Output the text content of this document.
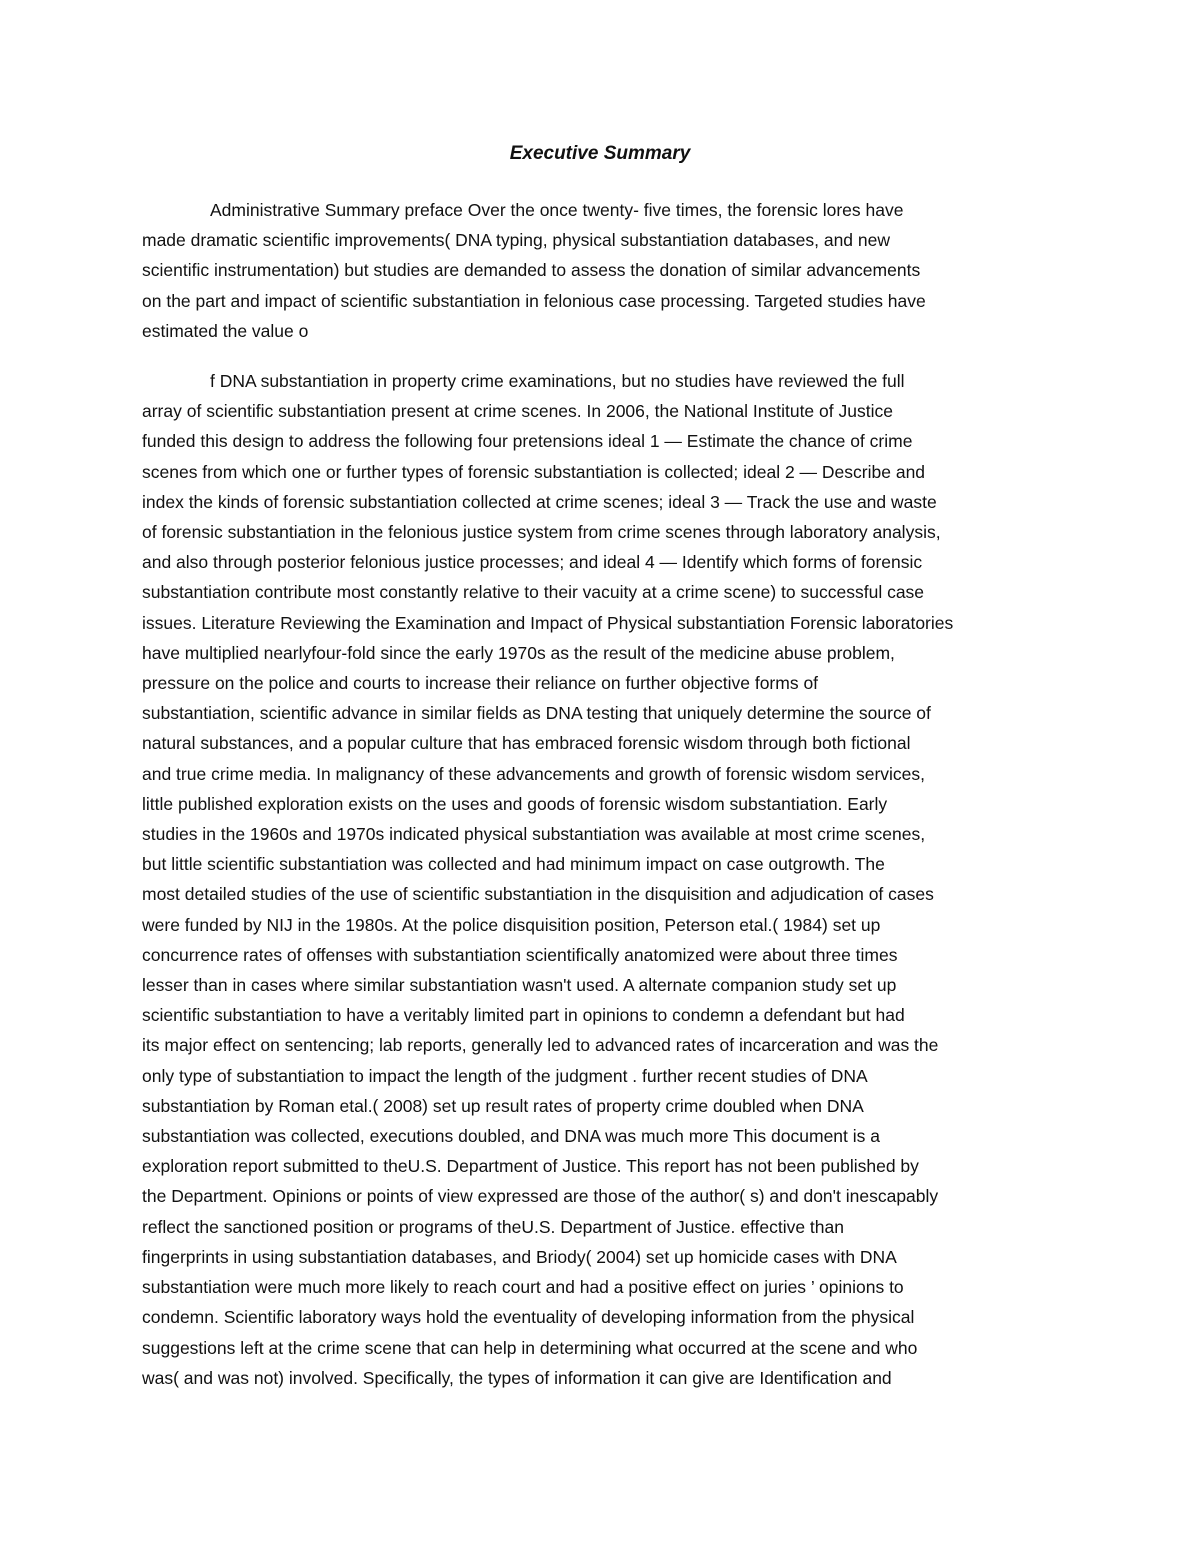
Executive Summary
Administrative Summary preface Over the once twenty- five times, the forensic lores have
made dramatic scientific improvements( DNA typing, physical substantiation databases, and new
scientific instrumentation) but studies are demanded to assess the donation of similar advancements
on the part and impact of scientific substantiation in felonious case processing. Targeted studies have
estimated the value o
f DNA substantiation in property crime examinations, but no studies have reviewed the full
array of scientific substantiation present at crime scenes. In 2006, the National Institute of Justice
funded this design to address the following four pretensions ideal 1 — Estimate the chance of crime
scenes from which one or further types of forensic substantiation is collected; ideal 2 — Describe and
index the kinds of forensic substantiation collected at crime scenes; ideal 3 — Track the use and waste
of forensic substantiation in the felonious justice system from crime scenes through laboratory analysis,
and also through posterior felonious justice processes; and ideal 4 — Identify which forms of forensic
substantiation contribute most constantly relative to their vacuity at a crime scene) to successful case
issues. Literature Reviewing the Examination and Impact of Physical substantiation Forensic laboratories
have multiplied nearlyfour-fold since the early 1970s as the result of the medicine abuse problem,
pressure on the police and courts to increase their reliance on further objective forms of
substantiation, scientific advance in similar fields as DNA testing that uniquely determine the source of
natural substances, and a popular culture that has embraced forensic wisdom through both fictional
and true crime media. In malignancy of these advancements and growth of forensic wisdom services,
little published exploration exists on the uses and goods of forensic wisdom substantiation. Early
studies in the 1960s and 1970s indicated physical substantiation was available at most crime scenes,
but little scientific substantiation was collected and had minimum impact on case outgrowth. The
most detailed studies of the use of scientific substantiation in the disquisition and adjudication of cases
were funded by NIJ in the 1980s. At the police disquisition position, Peterson etal.( 1984) set up
concurrence rates of offenses with substantiation scientifically anatomized were about three times
lesser than in cases where similar substantiation wasn't used. A alternate companion study set up
scientific substantiation to have a veritably limited part in opinions to condemn a defendant but had
its major effect on sentencing; lab reports, generally led to advanced rates of incarceration and was the
only type of substantiation to impact the length of the judgment . further recent studies of DNA
substantiation by Roman etal.( 2008) set up result rates of property crime doubled when DNA
substantiation was collected, executions doubled, and DNA was much more This document is a
exploration report submitted to theU.S. Department of Justice. This report has not been published by
the Department. Opinions or points of view expressed are those of the author( s) and don't inescapably
reflect the sanctioned position or programs of theU.S. Department of Justice. effective than
fingerprints in using substantiation databases, and Briody( 2004) set up homicide cases with DNA
substantiation were much more likely to reach court and had a positive effect on juries ’ opinions to
condemn. Scientific laboratory ways hold the eventuality of developing information from the physical
suggestions left at the crime scene that can help in determining what occurred at the scene and who
was( and was not) involved. Specifically, the types of information it can give are Identification and
